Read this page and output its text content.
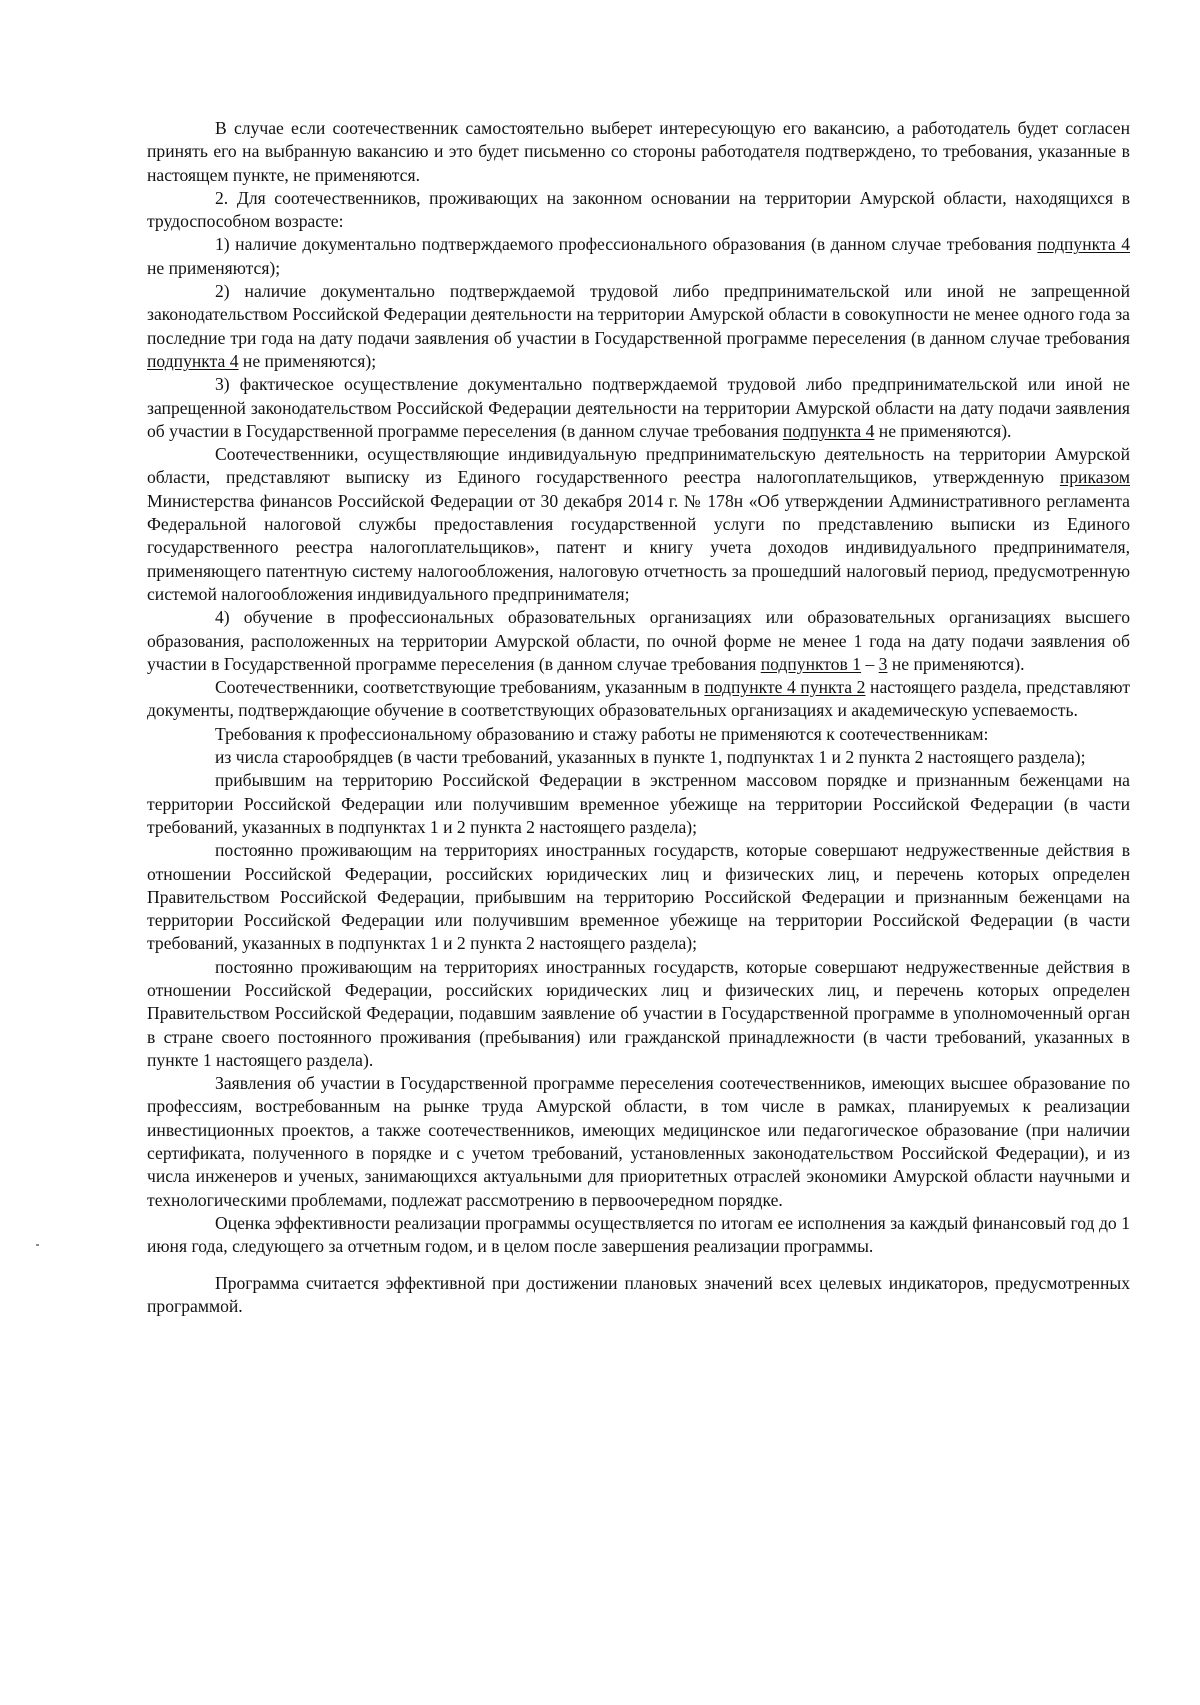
В случае если соотечественник самостоятельно выберет интересующую его вакансию, а работодатель будет согласен принять его на выбранную вакансию и это будет письменно со стороны работодателя подтверждено, то требования, указанные в настоящем пункте, не применяются.

2. Для соотечественников, проживающих на законном основании на территории Амурской области, находящихся в трудоспособном возрасте:

1) наличие документально подтверждаемого профессионального образования (в данном случае требования подпункта 4 не применяются);

2) наличие документально подтверждаемой трудовой либо предпринимательской или иной не запрещенной законодательством Российской Федерации деятельности на территории Амурской области в совокупности не менее одного года за последние три года на дату подачи заявления об участии в Государственной программе переселения (в данном случае требования подпункта 4 не применяются);

3) фактическое осуществление документально подтверждаемой трудовой либо предпринимательской или иной не запрещенной законодательством Российской Федерации деятельности на территории Амурской области на дату подачи заявления об участии в Государственной программе переселения (в данном случае требования подпункта 4 не применяются).

Соотечественники, осуществляющие индивидуальную предпринимательскую деятельность на территории Амурской области, представляют выписку из Единого государственного реестра налогоплательщиков, утвержденную приказом Министерства финансов Российской Федерации от 30 декабря 2014 г. № 178н «Об утверждении Административного регламента Федеральной налоговой службы предоставления государственной услуги по представлению выписки из Единого государственного реестра налогоплательщиков», патент и книгу учета доходов индивидуального предпринимателя, применяющего патентную систему налогообложения, налоговую отчетность за прошедший налоговый период, предусмотренную системой налогообложения индивидуального предпринимателя;

4) обучение в профессиональных образовательных организациях или образовательных организациях высшего образования, расположенных на территории Амурской области, по очной форме не менее 1 года на дату подачи заявления об участии в Государственной программе переселения (в данном случае требования подпунктов 1 – 3 не применяются).

Соотечественники, соответствующие требованиям, указанным в подпункте 4 пункта 2 настоящего раздела, представляют документы, подтверждающие обучение в соответствующих образовательных организациях и академическую успеваемость.

Требования к профессиональному образованию и стажу работы не применяются к соотечественникам:

из числа старообрядцев (в части требований, указанных в пункте 1, подпунктах 1 и 2 пункта 2 настоящего раздела);

прибывшим на территорию Российской Федерации в экстренном массовом порядке и признанным беженцами на территории Российской Федерации или получившим временное убежище на территории Российской Федерации (в части требований, указанных в подпунктах 1 и 2 пункта 2 настоящего раздела);

постоянно проживающим на территориях иностранных государств, которые совершают недружественные действия в отношении Российской Федерации, российских юридических лиц и физических лиц, и перечень которых определен Правительством Российской Федерации, прибывшим на территорию Российской Федерации и признанным беженцами на территории Российской Федерации или получившим временное убежище на территории Российской Федерации (в части требований, указанных в подпунктах 1 и 2 пункта 2 настоящего раздела);

постоянно проживающим на территориях иностранных государств, которые совершают недружественные действия в отношении Российской Федерации, российских юридических лиц и физических лиц, и перечень которых определен Правительством Российской Федерации, подавшим заявление об участии в Государственной программе в уполномоченный орган в стране своего постоянного проживания (пребывания) или гражданской принадлежности (в части требований, указанных в пункте 1 настоящего раздела).

Заявления об участии в Государственной программе переселения соотечественников, имеющих высшее образование по профессиям, востребованным на рынке труда Амурской области, в том числе в рамках, планируемых к реализации инвестиционных проектов, а также соотечественников, имеющих медицинское или педагогическое образование (при наличии сертификата, полученного в порядке и с учетом требований, установленных законодательством Российской Федерации), и из числа инженеров и ученых, занимающихся актуальными для приоритетных отраслей экономики Амурской области научными и технологическими проблемами, подлежат рассмотрению в первоочередном порядке.

Оценка эффективности реализации программы осуществляется по итогам ее исполнения за каждый финансовый год до 1 июня года, следующего за отчетным годом, и в целом после завершения реализации программы.

Программа считается эффективной при достижении плановых значений всех целевых индикаторов, предусмотренных программой.
